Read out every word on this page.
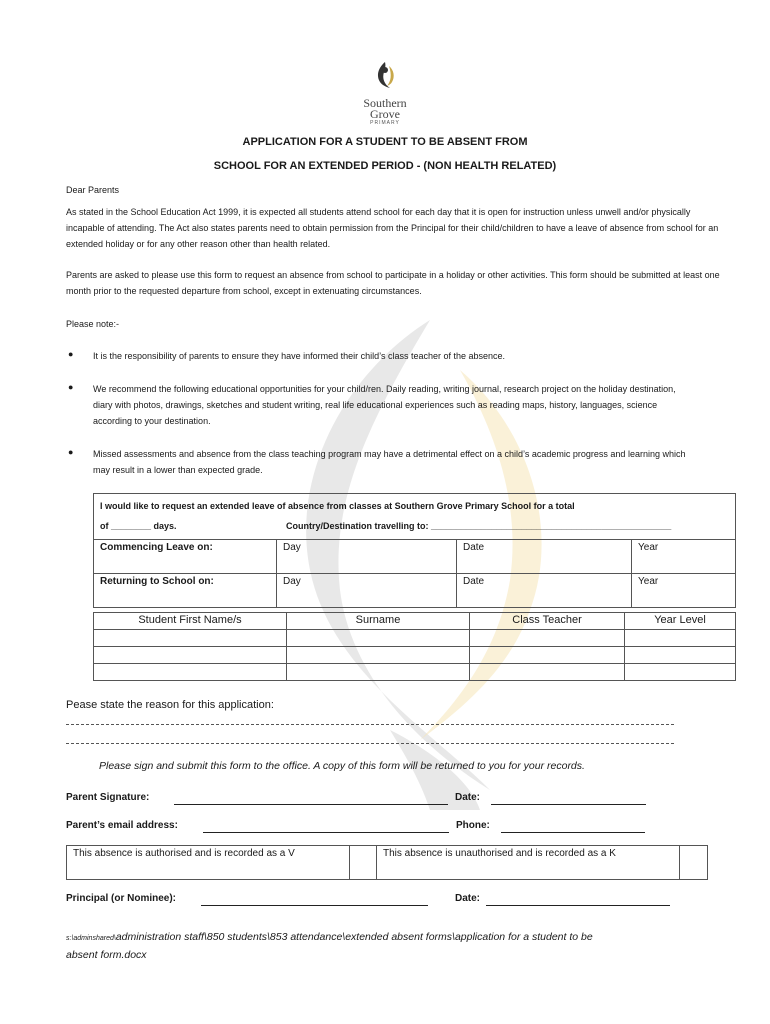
Southern
Grove
PRIMARY
APPLICATION FOR A STUDENT TO BE ABSENT FROM
SCHOOL FOR AN EXTENDED PERIOD - (NON HEALTH RELATED)
Dear Parents
As stated in the School Education Act 1999, it is expected all students attend school for each day that it is open for instruction unless unwell and/or physically incapable of attending. The Act also states parents need to obtain permission from the Principal for their child/children to have a leave of absence from school for an extended holiday or for any other reason other than health related.
Parents are asked to please use this form to request an absence from school to participate in a holiday or other activities. This form should be submitted at least one month prior to the requested departure from school, except in extenuating circumstances.
Please note:-
● It is the responsibility of parents to ensure they have informed their child’s class teacher of the absence.
● We recommend the following educational opportunities for your child/ren. Daily reading, writing journal, research project on the holiday destination, diary with photos, drawings, sketches and student writing, real life educational experiences such as reading maps, history, languages, science according to your destination.
● Missed assessments and absence from the class teaching program may have a detrimental effect on a child’s academic progress and learning which may result in a lower than expected grade.
I would like to request an extended leave of absence from classes at Southern Grove Primary School for a total
of ________ days. Country/Destination travelling to: ________________________________________________			

Commencing Leave on:	Day	Date	Year
Returning to School on:	Day	Date	Year
Student First Name/s	Surname	Class Teacher	Year Level

Pease state the reason for this application:
Please sign and submit this form to the office. A copy of this form will be returned to you for your records.
Parent Signature:	Date:
Parent’s email address:	Phone:
This absence is authorised and is recorded as a V		This absence is unauthorised and is recorded as a K	
Principal (or Nominee):	Date:
s:\adminshared\administration staff\850 students\853 attendance\extended absent forms\application for a student to be
absent form.docx
